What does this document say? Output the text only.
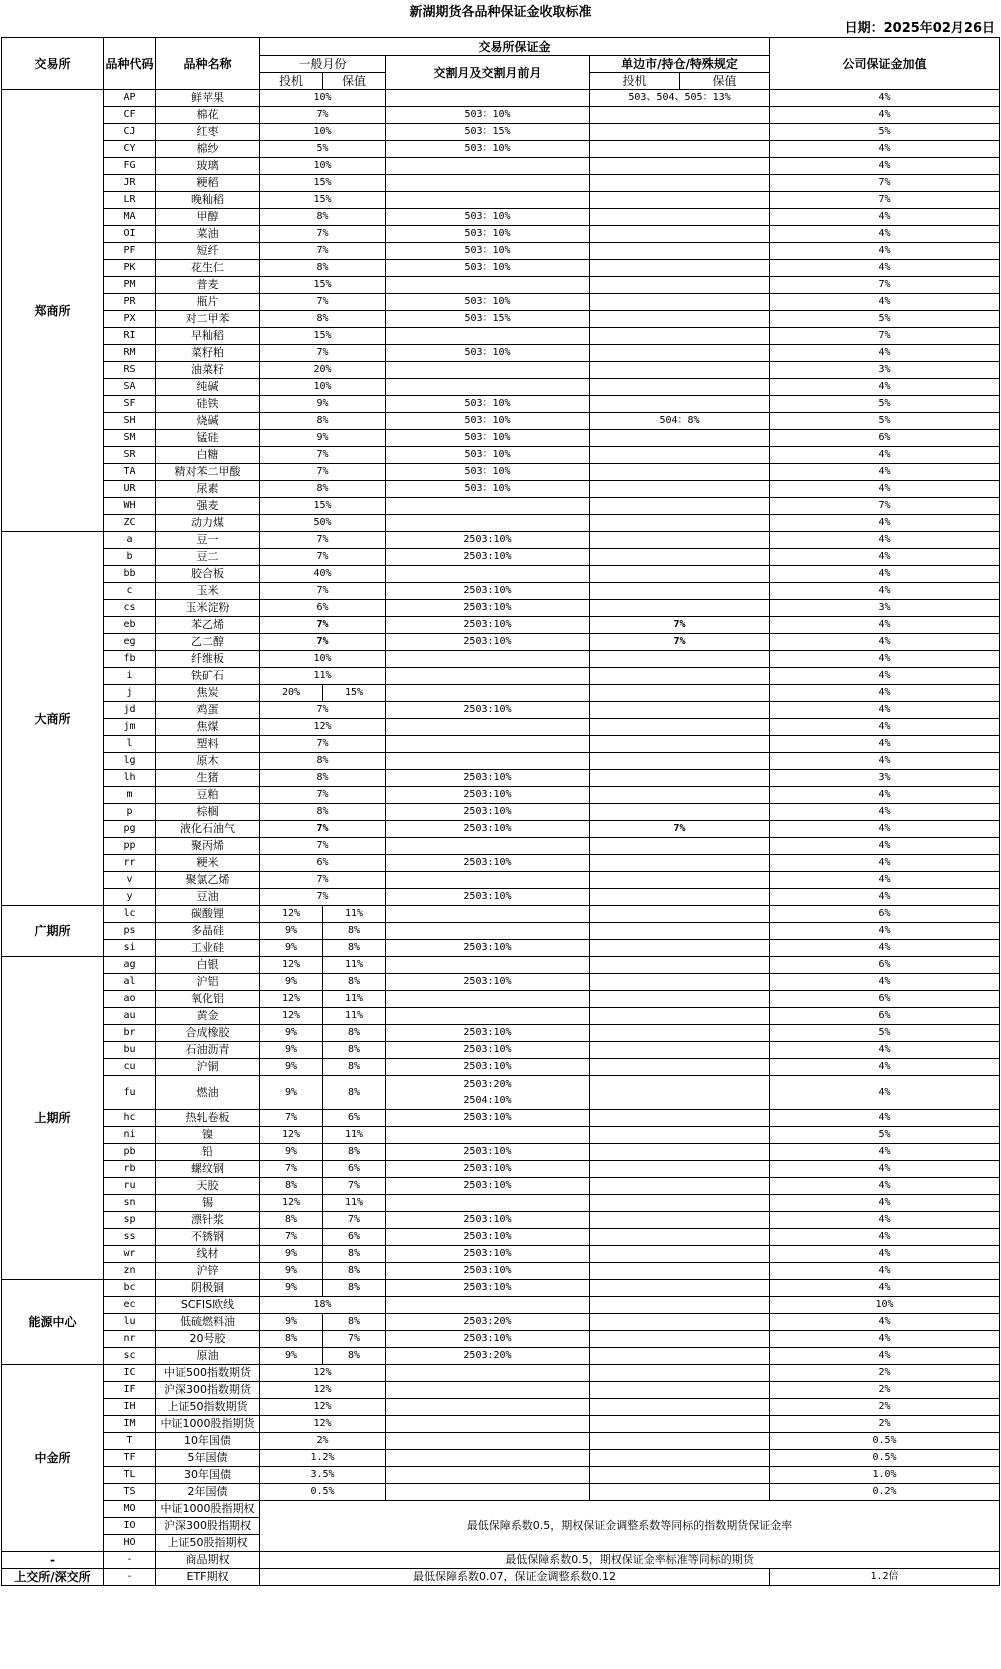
新湖期货各品种保证金收取标准
日期：2025年02月26日
交易所	品种代码	品种名称	交易所保证金					公司保证金加值
			一般月份		交割月及交割月前月	单边市/持仓/特殊规定		
			投机	保值		投机	保值	
郑商所	AP	鲜苹果	10%			503、504、505：13%		4%
	CF	棉花	7%		503：10%			4%
	CJ	红枣	10%		503：15%			5%
	CY	棉纱	5%		503：10%			4%
	FG	玻璃	10%					4%
	JR	粳稻	15%					7%
	LR	晚籼稻	15%					7%
	MA	甲醇	8%		503：10%			4%
	OI	菜油	7%		503：10%			4%
	PF	短纤	7%		503：10%			4%
	PK	花生仁	8%		503：10%			4%
	PM	普麦	15%					7%
	PR	瓶片	7%		503：10%			4%
	PX	对二甲苯	8%		503：15%			5%
	RI	早籼稻	15%					7%
	RM	菜籽粕	7%		503：10%			4%
	RS	油菜籽	20%					3%
	SA	纯碱	10%					4%
	SF	硅铁	9%		503：10%			5%
	SH	烧碱	8%		503：10%	504：8%		5%
	SM	锰硅	9%		503：10%			6%
	SR	白糖	7%		503：10%			4%
	TA	精对苯二甲酸	7%		503：10%			4%
	UR	尿素	8%		503：10%			4%
	WH	强麦	15%					7%
	ZC	动力煤	50%					4%
大商所	a	豆一	7%		2503:10%			4%
	b	豆二	7%		2503:10%			4%
	bb	胶合板	40%					4%
	c	玉米	7%		2503:10%			4%
	cs	玉米淀粉	6%		2503:10%			3%
	eb	苯乙烯	7%		2503:10%	7%		4%
	eg	乙二醇	7%		2503:10%	7%		4%
	fb	纤维板	10%					4%
	i	铁矿石	11%					4%
	j	焦炭	20%	15%				4%
	jd	鸡蛋	7%		2503:10%			4%
	jm	焦煤	12%					4%
	l	塑料	7%					4%
	lg	原木	8%					4%
	lh	生猪	8%		2503:10%			3%
	m	豆粕	7%		2503:10%			4%
	p	棕榈	8%		2503:10%			4%
	pg	液化石油气	7%		2503:10%	7%		4%
	pp	聚丙烯	7%					4%
	rr	粳米	6%		2503:10%			4%
	v	聚氯乙烯	7%					4%
	y	豆油	7%		2503:10%			4%
广期所	lc	碳酸锂	12%	11%				6%
	ps	多晶硅	9%	8%				4%
	si	工业硅	9%	8%	2503:10%			4%
上期所	ag	白银	12%	11%				6%
	al	沪铝	9%	8%	2503:10%			4%
	ao	氧化铝	12%	11%				6%
	au	黄金	12%	11%				6%
	br	合成橡胶	9%	8%	2503:10%			5%
	bu	石油沥青	9%	8%	2503:10%			4%
	cu	沪铜	9%	8%	2503:10%			4%
	fu	燃油	9%	8%	2503:20%
2504:10%			4%
	hc	热轧卷板	7%	6%	2503:10%			4%
	ni	镍	12%	11%				5%
	pb	铅	9%	8%	2503:10%			4%
	rb	螺纹钢	7%	6%	2503:10%			4%
	ru	天胶	8%	7%	2503:10%			4%
	sn	锡	12%	11%				4%
	sp	漂针浆	8%	7%	2503:10%			4%
	ss	不锈钢	7%	6%	2503:10%			4%
	wr	线材	9%	8%	2503:10%			4%
	zn	沪锌	9%	8%	2503:10%			4%
能源中心	bc	阴极铜	9%	8%	2503:10%			4%
	ec	SCFIS欧线	18%					10%
	lu	低硫燃料油	9%	8%	2503:20%			4%
	nr	20号胶	8%	7%	2503:10%			4%
	sc	原油	9%	8%	2503:20%			4%
中金所	IC	中证500指数期货	12%					2%
	IF	沪深300指数期货	12%					2%
	IH	上证50指数期货	12%					2%
	IM	中证1000股指期货	12%					2%
	T	10年国债	2%					0.5%
	TF	5年国债	1.2%					0.5%
	TL	30年国债	3.5%					1.0%
	TS	2年国债	0.5%					0.2%
	MO	中证1000股指期权	最低保障系数0.5，期权保证金调整系数等同标的指数期货保证金率					
	IO	沪深300股指期权						
	HO	上证50股指期权						
-	-	商品期权	最低保障系数0.5，期权保证金率标准等同标的期货					
上交所/深交所	-	ETF期权	最低保障系数0.07，保证金调整系数0.12					1.2倍
